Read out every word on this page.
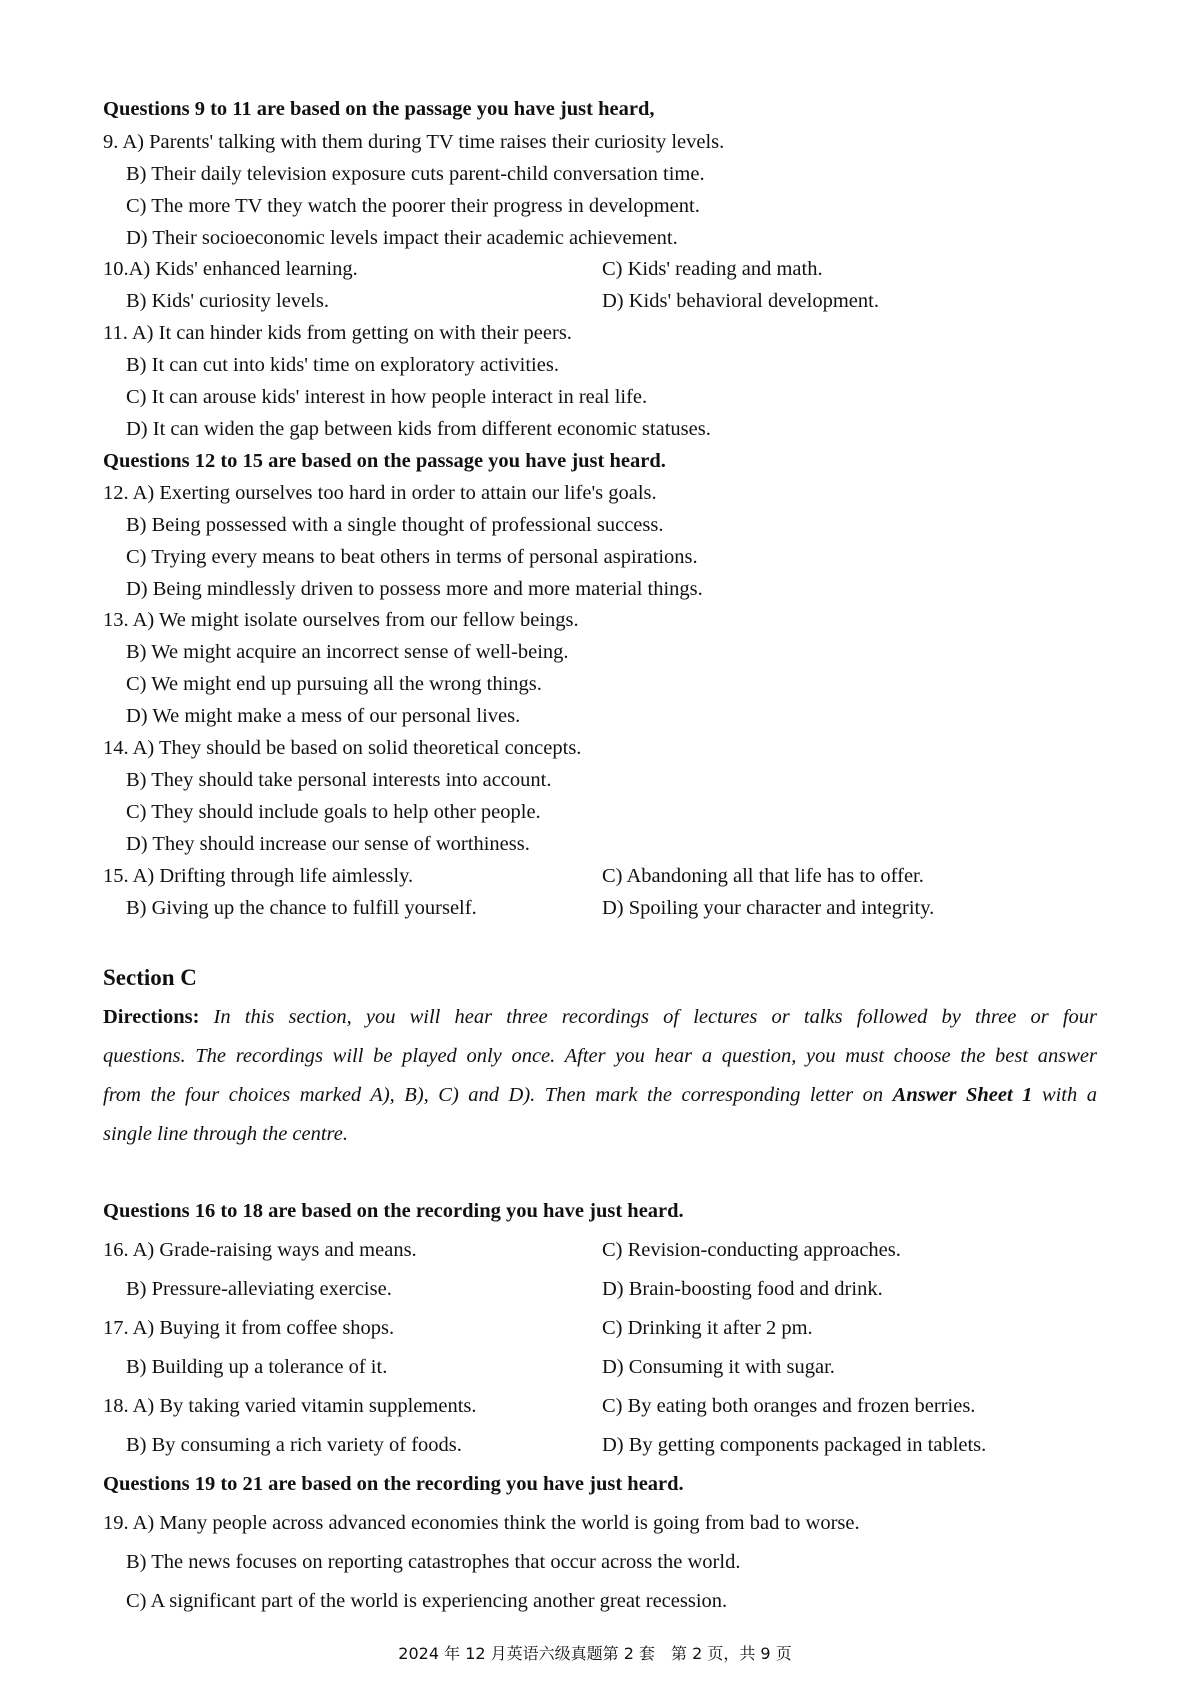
Questions 9 to 11 are based on the passage you have just heard,
9. A) Parents' talking with them during TV time raises their curiosity levels.
B) Their daily television exposure cuts parent-child conversation time.
C) The more TV they watch the poorer their progress in development.
D) Their socioeconomic levels impact their academic achievement.
10.A) Kids' enhanced learning.	C) Kids' reading and math.
B) Kids' curiosity levels.	D) Kids' behavioral development.
11. A) It can hinder kids from getting on with their peers.
B) It can cut into kids' time on exploratory activities.
C) It can arouse kids' interest in how people interact in real life.
D) It can widen the gap between kids from different economic statuses.
Questions 12 to 15 are based on the passage you have just heard.
12. A) Exerting ourselves too hard in order to attain our life's goals.
B) Being possessed with a single thought of professional success.
C) Trying every means to beat others in terms of personal aspirations.
D) Being mindlessly driven to possess more and more material things.
13. A) We might isolate ourselves from our fellow beings.
B) We might acquire an incorrect sense of well-being.
C) We might end up pursuing all the wrong things.
D) We might make a mess of our personal lives.
14. A) They should be based on solid theoretical concepts.
B) They should take personal interests into account.
C) They should include goals to help other people.
D) They should increase our sense of worthiness.
15. A) Drifting through life aimlessly.	C) Abandoning all that life has to offer.
B) Giving up the chance to fulfill yourself.	D) Spoiling your character and integrity.
Section C
Directions: In this section, you will hear three recordings of lectures or talks followed by three or four
questions. The recordings will be played only once. After you hear a question, you must choose the best answer
from the four choices marked A), B), C) and D). Then mark the corresponding letter on Answer Sheet 1 with a
single line through the centre.
Questions 16 to 18 are based on the recording you have just heard.
16. A) Grade-raising ways and means.	C) Revision-conducting approaches.
B) Pressure-alleviating exercise.	D) Brain-boosting food and drink.
17. A) Buying it from coffee shops.	C) Drinking it after 2 pm.
B) Building up a tolerance of it.	D) Consuming it with sugar.
18. A) By taking varied vitamin supplements.	C) By eating both oranges and frozen berries.
B) By consuming a rich variety of foods.	D) By getting components packaged in tablets.
Questions 19 to 21 are based on the recording you have just heard.
19. A) Many people across advanced economies think the world is going from bad to worse.
B) The news focuses on reporting catastrophes that occur across the world.
C) A significant part of the world is experiencing another great recession.
2024 年 12 月英语六级真题第 2 套　第 2 页，共 9 页
